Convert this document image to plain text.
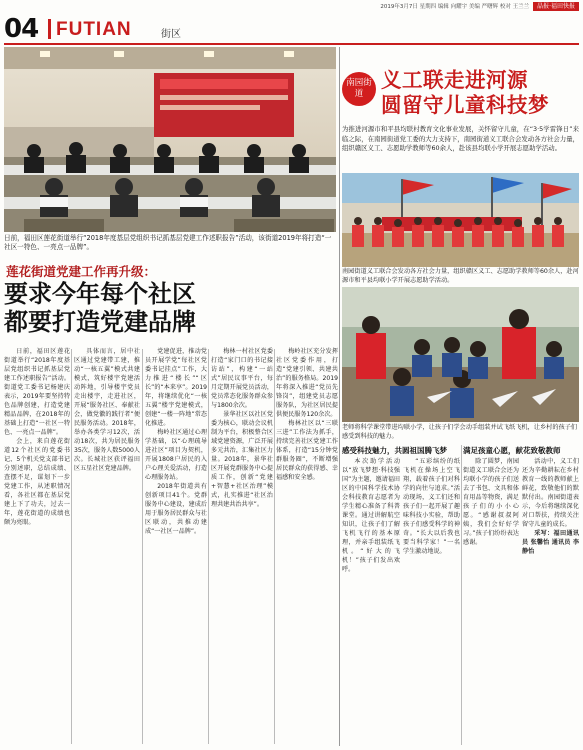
2019年3月7日 星期四 编辑 向耀宇 美编 严曙辉 校对 王兰兰	晶报·福田快报
04 FUTIAN	街区
日前，福田区莲花街道举行“2018年度基层党组织书记抓基层党建工作述职报告”活动，该街道2019年将打造“一社区一特色、一亮点一品牌”。
莲花街道党建工作再升级：
要求今年每个社区
都要打造党建品牌

日前，福田区莲花街道举行“2018年度基层党组织书记抓基层党建工作述职报告”活动。街道党工委书记杨建庆表示，2019年要坚持特色品牌创建，打造党建精品品牌，在2018年的基础上打造“一社区一特色、一亮点一品牌”。

会上，来自莲花街道12个社区的党委书记、5个机关党支部书记分别述职，总结成绩、查摆不足，谋划下一步党建工作，从述职情况看，各社区都在基层党建上下了功夫，过去一年，莲花街道的成绩也颇为亮眼。

具体而言，居中社区通过党建带工建，推动“一核五翼”模式共建模式，筑好楼宇党建活动阵地，引导楼宇党员走出楼宇，走进社区，开展“服务社区、奉献社会，做党徽的践行者”便民服务活动。2018年，举办各类学习12次，活动18次，共为居民服务35次，服务人数5000人次。长城社区获评福田区五星社区党建品牌。

党建促进，推动党员开展学党“每社区党委书记挂点”工作，大力推进“楼长”“区长”的“本来享”。2019年，将继续优化“一核五翼”楼宇党建模式，创建“一楼一阵地”常态化推进。

梅岭社区通过心理学基础，以“心理疏导进社区”项目为契机，开展1808户居民的入户心理关爱活动，打造心理服务站。

2018年街道共有创新项目41个。党群服务中心建设，建成后用于服务居民群众与社区联动，共推动建成“一社区一品牌”。

梅林一村社区党委打造“家门口的书记接访站”，构建“一站式”居民议事平台，每月定期开展党员活动，党员常态化服务群众参与1800余次。

景华社区以社区党委为核心，联动会议机制为平台，积极整合区域党建资源，广泛开展多元共治，汇集社区力量。2018年，景华社区开展党群服务中心提质工作，创新“党建+智慧+社区治理”模式，扎实推进“社区治理共建共治共享”。

梅岭社区充分发挥社区党委作用，打造“党建引领、共建共治”的服务格局。2019年将深入推进“党员先锋岗”，组建党员志愿服务队，为社区居民提供便民服务120余次。

梅林社区以“三联三进”工作法为抓手，持续完善社区党建工作体系，打造“15分钟党群服务圈”，不断增强居民群众的获得感、幸福感和安全感。

南园街道
义工联走进河源
圆留守儿童科技梦
为推进河源市和平县均联村教育文化事业发展，关怀留守儿童，在“3·5学雷锋日”来临之际，在南园街道党工委的大力支持下，南园街道义工联合会发动各方社会力量，组织赣区义工、志愿助学教师等60余人，赴该县均联小学开展志愿助学活动。
南园街道义工联合会发动各方社会力量，组织赣区义工、志愿助学教师等60余人，赴河源市和平县均联小学开展志愿助学活动。
老师将科学课堂带进均联小学，让孩子们学会动手组装并试飞纸飞机，让乡村的孩子们感受到科技的魅力。
感受科技魅力，共圆祖国腾飞梦 满足孩童心愿，献花致敬教师

本次助学活动以“放飞梦想·科技强国”为主题，邀请福田区的中国科学技术协会科技教育志愿者为学生精心准备了科普课堂。通过讲解航空知识，让孩子们了解飞机飞行的基本原理，并亲手组装纸飞机。“好大的飞机！”孩子们发出欢呼。

“五彩缤纷的纸飞机在操场上空飞翔，载着孩子们对科学的向往与追求。”活动现场，义工们还和孩子们一起开展了趣味科技小实验，帮助孩子们感受科学的神奇。“长大以后我也要当科学家！”一名学生激动地说。

除了圆梦，南园街道义工联合会还为均联小学的孩子们送去了书包、文具和体育用品等物资，满足孩子们的小小心愿。“感谢叔叔阿姨，我们会好好学习。”孩子们纷纷表达感谢。

活动中，义工们还为辛勤耕耘在乡村教育一线的教师献上鲜花，致敬他们的默默付出。南园街道表示，今后将继续深化对口帮扶，持续关注留守儿童的成长。

采写：福田通讯员 张馨怡 通讯员 李静怡
